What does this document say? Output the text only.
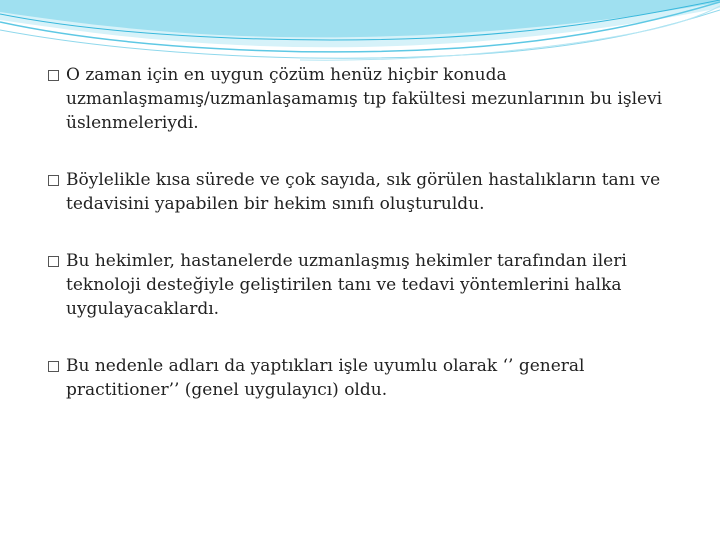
O zaman için en uygun çözüm henüz hiçbir konuda uzmanlaşmamış/uzmanlaşamamış tıp fakültesi mezunlarının bu işlevi üslenmeleriydi.
Böylelikle kısa sürede ve çok sayıda, sık görülen hastalıkların tanı ve tedavisini yapabilen bir hekim sınıfı oluşturuldu.
Bu hekimler, hastanelerde uzmanlaşmış hekimler tarafından ileri teknoloji desteğiyle geliştirilen tanı ve tedavi yöntemlerini halka uygulayacaklardı.
Bu nedenle adları da yaptıkları işle uyumlu olarak ‘’ general practitioner’’ (genel uygulayıcı) oldu.
